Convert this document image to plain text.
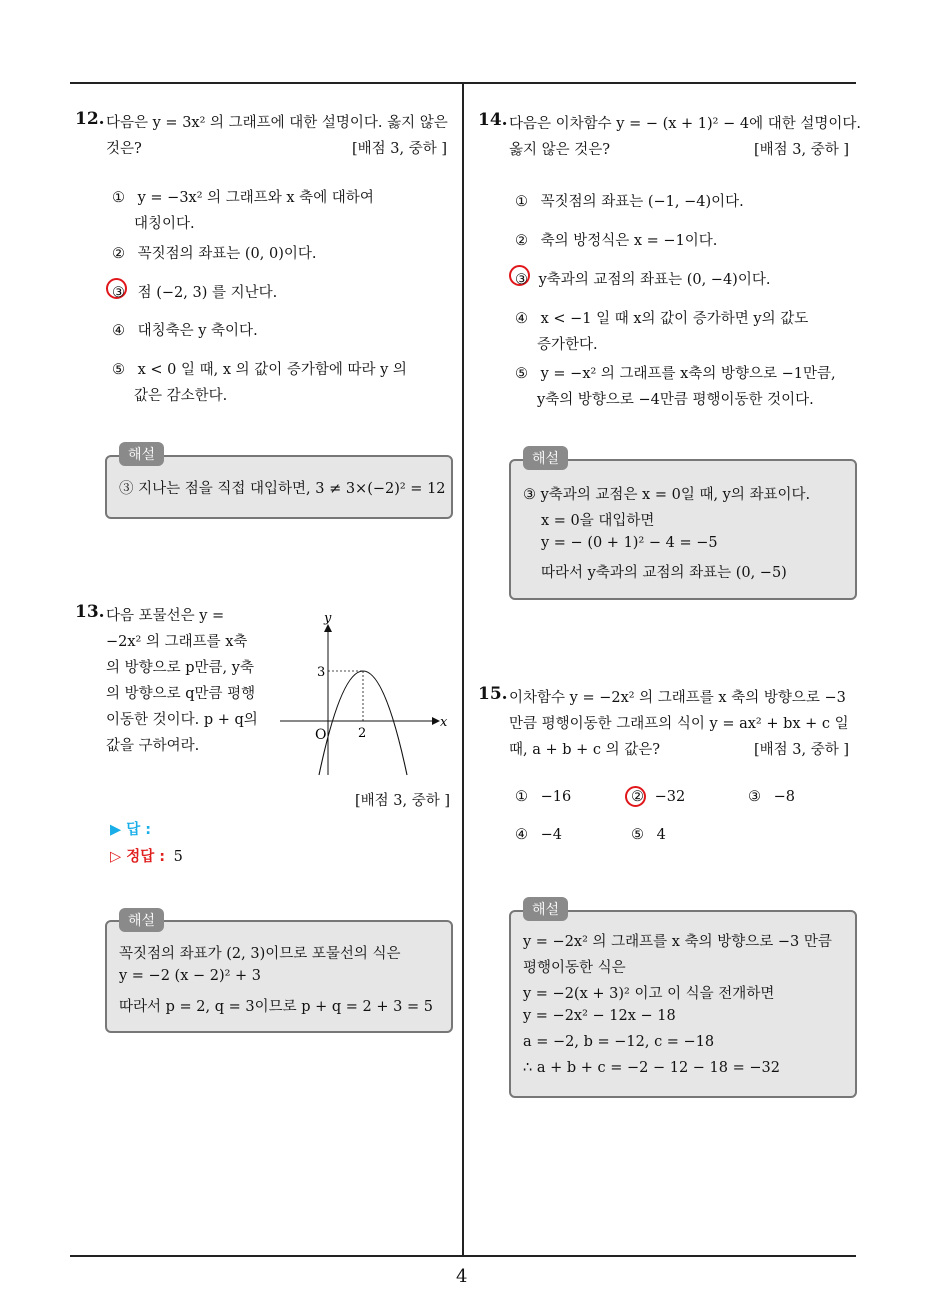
4
12. 다음은 y = 3x² 의 그래프에 대한 설명이다. 옳지 않은
것은?	[배점 3, 중하 ]
① y = −3x² 의 그래프와 x 축에 대하여
대칭이다.
② 꼭짓점의 좌표는 (0, 0)이다.
③ 점 (−2, 3) 를 지난다.
④ 대칭축은 y 축이다.
⑤ x < 0 일 때, x 의 값이 증가함에 따라 y 의
값은 감소한다.
③ 지나는 점을 직접 대입하면, 3 ≠ 3×(−2)² = 12
해설
13. 다음 포물선은 y =
−2x² 의 그래프를 x축
의 방향으로 p만큼, y축
의 방향으로 q만큼 평행
이동한 것이다. p + q의
값을 구하여라.
y
x
O 2
3
[배점 3, 중하 ]
▶ 답 :
▷ 정답 : 5
꼭짓점의 좌표가 (2, 3)이므로 포물선의 식은
y = −2 (x − 2)² + 3
따라서 p = 2, q = 3이므로 p + q = 2 + 3 = 5
해설
14. 다음은 이차함수 y = − (x + 1)² − 4에 대한 설명이다.
옳지 않은 것은?	[배점 3, 중하 ]
① 꼭짓점의 좌표는 (−1, −4)이다.
② 축의 방정식은 x = −1이다.
③ y축과의 교점의 좌표는 (0, −4)이다.
④ x < −1 일 때 x의 값이 증가하면 y의 값도
증가한다.
⑤ y = −x² 의 그래프를 x축의 방향으로 −1만큼,
y축의 방향으로 −4만큼 평행이동한 것이다.
③ y축과의 교점은 x = 0일 때, y의 좌표이다.
x = 0을 대입하면
y = − (0 + 1)² − 4 = −5
따라서 y축과의 교점의 좌표는 (0, −5)
해설
15. 이차함수 y = −2x² 의 그래프를 x 축의 방향으로 −3
만큼 평행이동한 그래프의 식이 y = ax² + bx + c 일
때, a + b + c 의 값은?	[배점 3, 중하 ]
① −16	② −32	③ −8
④ −4	⑤ 4
y = −2x² 의 그래프를 x 축의 방향으로 −3 만큼
평행이동한 식은
y = −2(x + 3)² 이고 이 식을 전개하면
y = −2x² − 12x − 18
a = −2, b = −12, c = −18
∴ a + b + c = −2 − 12 − 18 = −32
해설
